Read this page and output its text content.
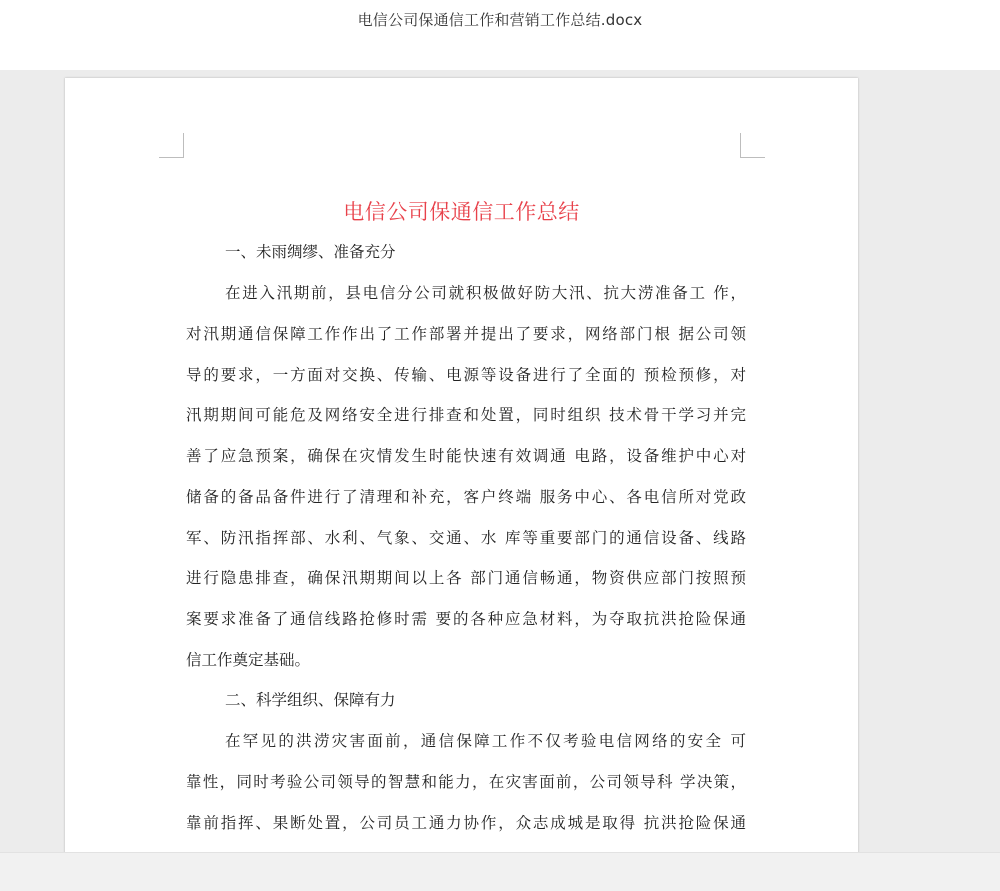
电信公司保通信工作和营销工作总结.docx
电信公司保通信工作总结
一、未雨绸缪、准备充分
在进入汛期前，县电信分公司就积极做好防大汛、抗大涝准备工 作，
对汛期通信保障工作作出了工作部署并提出了要求，网络部门根 据公司领
导的要求，一方面对交换、传输、电源等设备进行了全面的 预检预修，对
汛期期间可能危及网络安全进行排查和处置，同时组织 技术骨干学习并完
善了应急预案，确保在灾情发生时能快速有效调通 电路，设备维护中心对
储备的备品备件进行了清理和补充，客户终端 服务中心、各电信所对党政
军、防汛指挥部、水利、气象、交通、水 库等重要部门的通信设备、线路
进行隐患排查，确保汛期期间以上各 部门通信畅通，物资供应部门按照预
案要求准备了通信线路抢修时需 要的各种应急材料，为夺取抗洪抢险保通
信工作奠定基础。
二、科学组织、保障有力
在罕见的洪涝灾害面前，通信保障工作不仅考验电信网络的安全 可
靠性，同时考验公司领导的智慧和能力，在灾害面前，公司领导科 学决策，
靠前指挥、果断处置，公司员工通力协作，众志成城是取得 抗洪抢险保通
